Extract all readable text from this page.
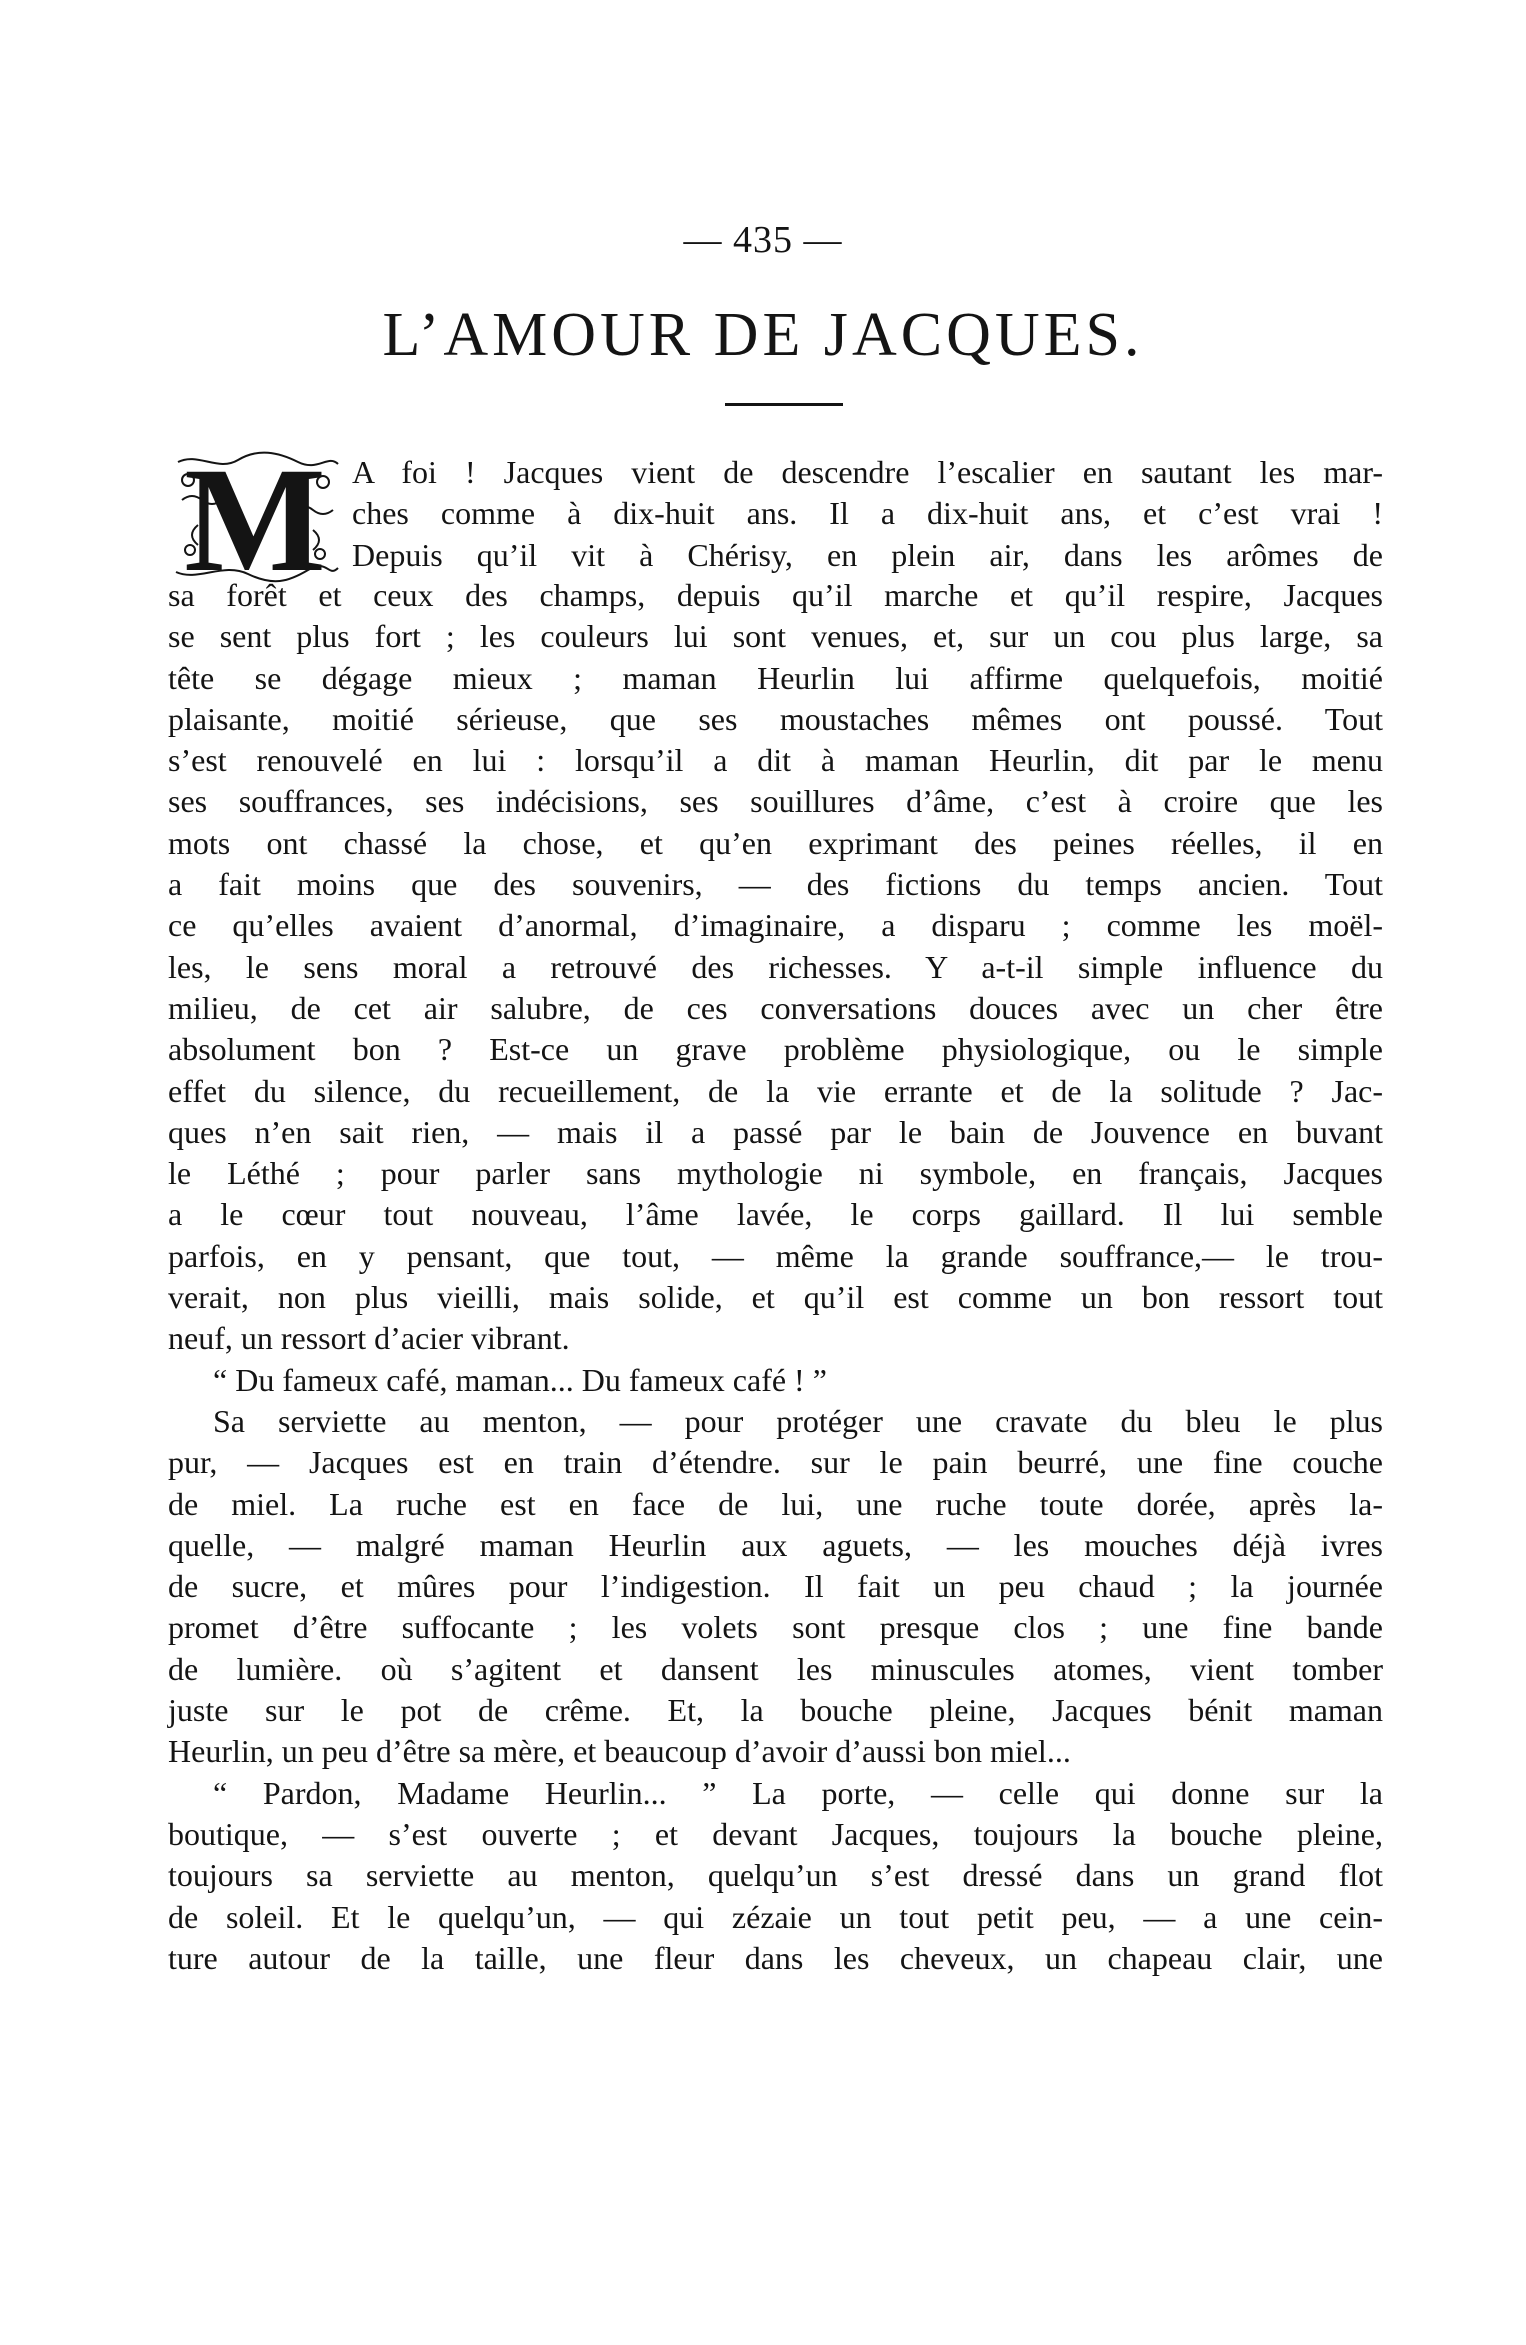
— 435 —
L’AMOUR DE JACQUES.
M A foi ! Jacques vient de descendre l’escalier en sautant les mar-
ches comme à dix-huit ans. Il a dix-huit ans, et c’est vrai !
Depuis qu’il vit à Chérisy, en plein air, dans les arômes de
sa forêt et ceux des champs, depuis qu’il marche et qu’il respire, Jacques
se sent plus fort ; les couleurs lui sont venues, et, sur un cou plus large, sa
tête se dégage mieux ; maman Heurlin lui affirme quelquefois, moitié
plaisante, moitié sérieuse, que ses moustaches mêmes ont poussé. Tout
s’est renouvelé en lui : lorsqu’il a dit à maman Heurlin, dit par le menu
ses souffrances, ses indécisions, ses souillures d’âme, c’est à croire que les
mots ont chassé la chose, et qu’en exprimant des peines réelles, il en
a fait moins que des souvenirs, — des fictions du temps ancien. Tout
ce qu’elles avaient d’anormal, d’imaginaire, a disparu ; comme les moël-
les, le sens moral a retrouvé des richesses. Y a-t-il simple influence du
milieu, de cet air salubre, de ces conversations douces avec un cher être
absolument bon ? Est-ce un grave problème physiologique, ou le simple
effet du silence, du recueillement, de la vie errante et de la solitude ? Jac-
ques n’en sait rien, — mais il a passé par le bain de Jouvence en buvant
le Léthé ; pour parler sans mythologie ni symbole, en français, Jacques
a le cœur tout nouveau, l’âme lavée, le corps gaillard. Il lui semble
parfois, en y pensant, que tout, — même la grande souffrance,— le trou-
verait, non plus vieilli, mais solide, et qu’il est comme un bon ressort tout
neuf, un ressort d’acier vibrant.
“ Du fameux café, maman... Du fameux café ! ”
Sa serviette au menton, — pour protéger une cravate du bleu le plus
pur, — Jacques est en train d’étendre. sur le pain beurré, une fine couche
de miel. La ruche est en face de lui, une ruche toute dorée, après la-
quelle, — malgré maman Heurlin aux aguets, — les mouches déjà ivres
de sucre, et mûres pour l’indigestion. Il fait un peu chaud ; la journée
promet d’être suffocante ; les volets sont presque clos ; une fine bande
de lumière. où s’agitent et dansent les minuscules atomes, vient tomber
juste sur le pot de crême. Et, la bouche pleine, Jacques bénit maman
Heurlin, un peu d’être sa mère, et beaucoup d’avoir d’aussi bon miel...
“ Pardon, Madame Heurlin... ” La porte, — celle qui donne sur la
boutique, — s’est ouverte ; et devant Jacques, toujours la bouche pleine,
toujours sa serviette au menton, quelqu’un s’est dressé dans un grand flot
de soleil. Et le quelqu’un, — qui zézaie un tout petit peu, — a une cein-
ture autour de la taille, une fleur dans les cheveux, un chapeau clair, une
